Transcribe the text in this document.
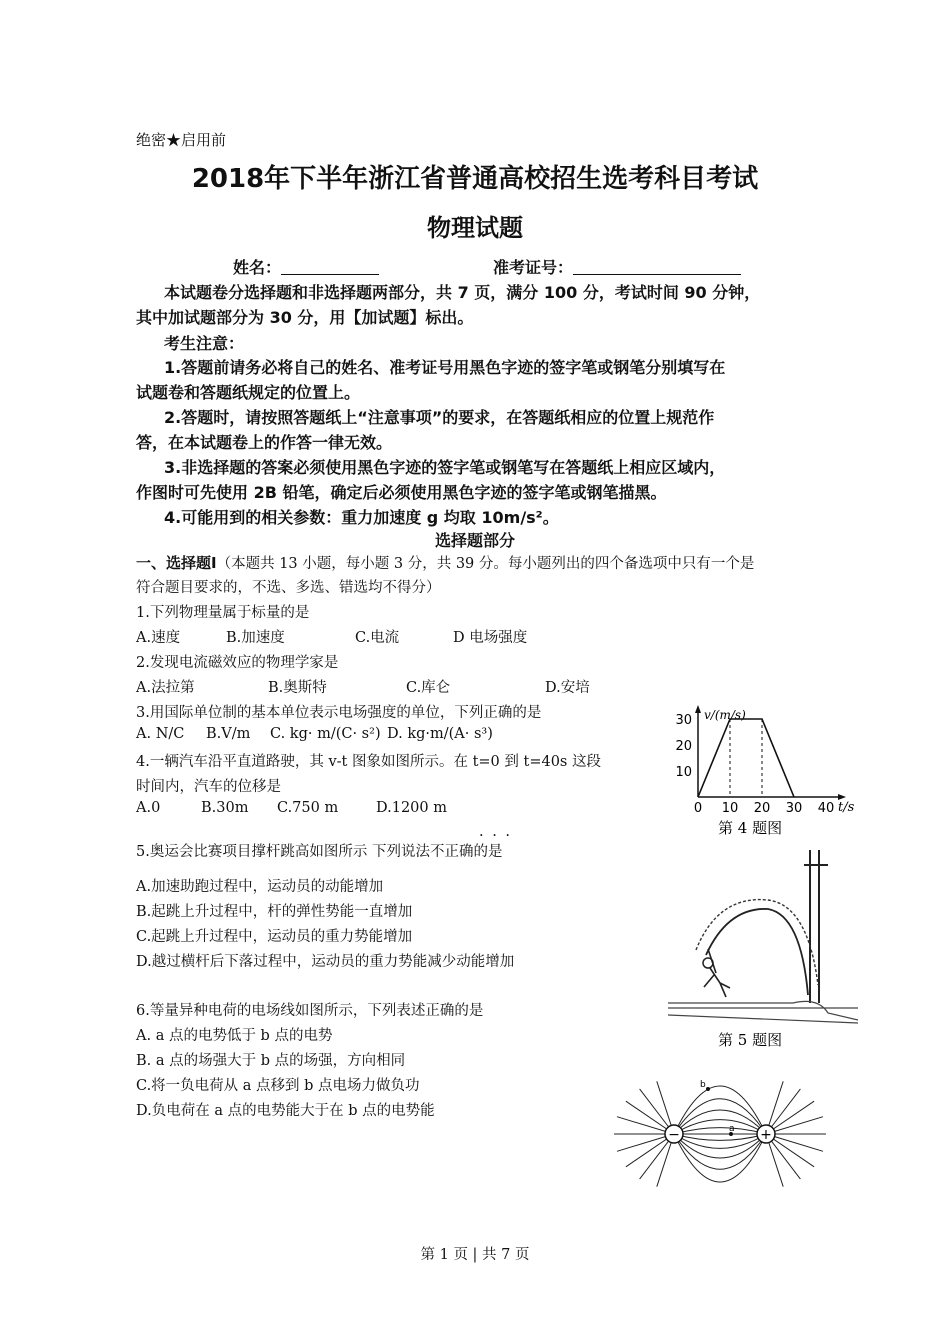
绝密★启用前
2018年下半年浙江省普通高校招生选考科目考试
物理试题
姓名：	准考证号：
本试题卷分选择题和非选择题两部分，共 7 页，满分 100 分，考试时间 90 分钟，
其中加试题部分为 30 分，用【加试题】标出。
考生注意：
1.答题前请务必将自己的姓名、准考证号用黑色字迹的签字笔或钢笔分别填写在
试题卷和答题纸规定的位置上。
2.答题时，请按照答题纸上“注意事项”的要求，在答题纸相应的位置上规范作
答，在本试题卷上的作答一律无效。
3.非选择题的答案必须使用黑色字迹的签字笔或钢笔写在答题纸上相应区域内，
作图时可先使用 2B 铅笔，确定后必须使用黑色字迹的签字笔或钢笔描黑。
4.可能用到的相关参数：重力加速度 g 均取 10m/s²。
选择题部分
一、选择题Ⅰ（本题共 13 小题，每小题 3 分，共 39 分。每小题列出的四个备选项中只有一个是
符合题目要求的，不选、多选、错选均不得分）
1.下列物理量属于标量的是
A.速度	B.加速度	C.电流	D 电场强度
2.发现电流磁效应的物理学家是
A.法拉第	B.奥斯特	C.库仑	D.安培
3.用国际单位制的基本单位表示电场强度的单位，下列正确的是
A. N/C B.V/m C. kg· m/(C· s²) D. kg·m/(A· s³)
4.一辆汽车沿平直道路驶，其 v-t 图象如图所示。在 t=0 到 t=40s 这段
时间内，汽车的位移是
A.0	B.30m C.750 m	D.1200 m
. . .
5.奥运会比赛项目撑杆跳高如图所示 下列说法不正确的是
A.加速助跑过程中，运动员的动能增加
B.起跳上升过程中，杆的弹性势能一直增加
C.起跳上升过程中，运动员的重力势能增加
D.越过横杆后下落过程中，运动员的重力势能减少动能增加
6.等量异种电荷的电场线如图所示，下列表述正确的是
A. a 点的电势低于 b 点的电势
B. a 点的场强大于 b 点的场强，方向相同
C.将一负电荷从 a 点移到 b 点电场力做负功
D.负电荷在 a 点的电势能大于在 b 点的电势能
v/(m/s)
t/s
30
20
10
0 10 20 30 40
第 4 题图
第 5 题图
−	+
a
b
第 1 页 | 共 7 页
